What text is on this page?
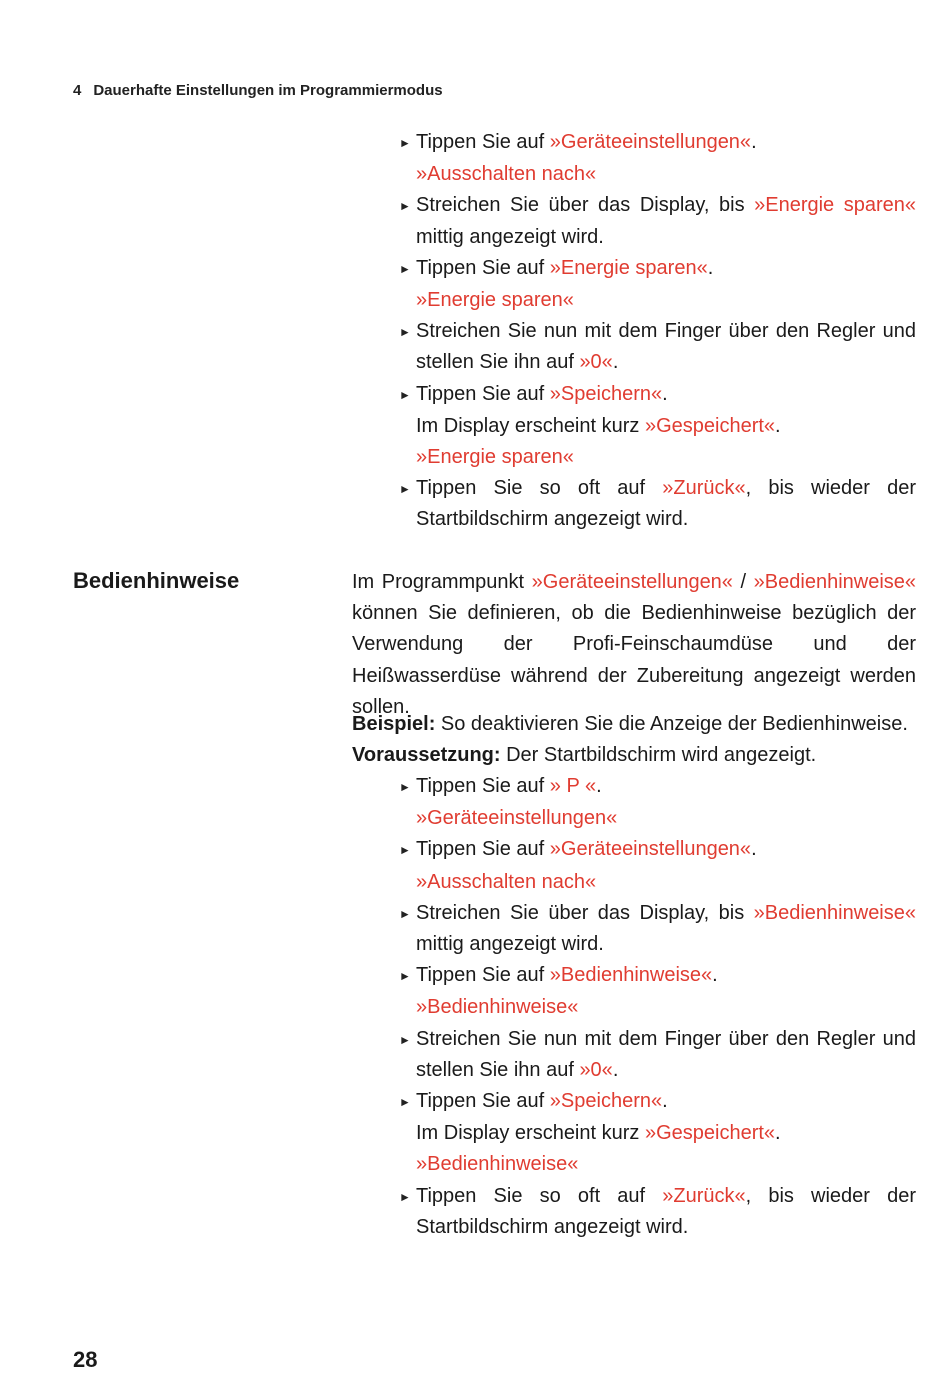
4 Dauerhafte Einstellungen im Programmiermodus
► Tippen Sie auf »Geräteeinstellungen«.
»Ausschalten nach«
► Streichen Sie über das Display, bis »Energie sparen« mittig angezeigt wird.
► Tippen Sie auf »Energie sparen«.
»Energie sparen«
► Streichen Sie nun mit dem Finger über den Regler und stellen Sie ihn auf »0«.
► Tippen Sie auf »Speichern«.
Im Display erscheint kurz »Gespeichert«.
»Energie sparen«
► Tippen Sie so oft auf »Zurück«, bis wieder der Startbildschirm angezeigt wird.
Bedienhinweise	Im Programmpunkt »Geräteeinstellungen« / »Bedienhinweise« können Sie definieren, ob die Bedienhinweise bezüglich der Verwendung der Profi-Feinschaumdüse und der Heißwasserdüse während der Zubereitung angezeigt werden sollen.
Beispiel: So deaktivieren Sie die Anzeige der Bedienhinweise.
Voraussetzung: Der Startbildschirm wird angezeigt.
► Tippen Sie auf » P «.
»Geräteeinstellungen«
► Tippen Sie auf »Geräteeinstellungen«.
»Ausschalten nach«
► Streichen Sie über das Display, bis »Bedienhinweise« mittig angezeigt wird.
► Tippen Sie auf »Bedienhinweise«.
»Bedienhinweise«
► Streichen Sie nun mit dem Finger über den Regler und stellen Sie ihn auf »0«.
► Tippen Sie auf »Speichern«.
Im Display erscheint kurz »Gespeichert«.
»Bedienhinweise«
► Tippen Sie so oft auf »Zurück«, bis wieder der Startbildschirm angezeigt wird.
28
